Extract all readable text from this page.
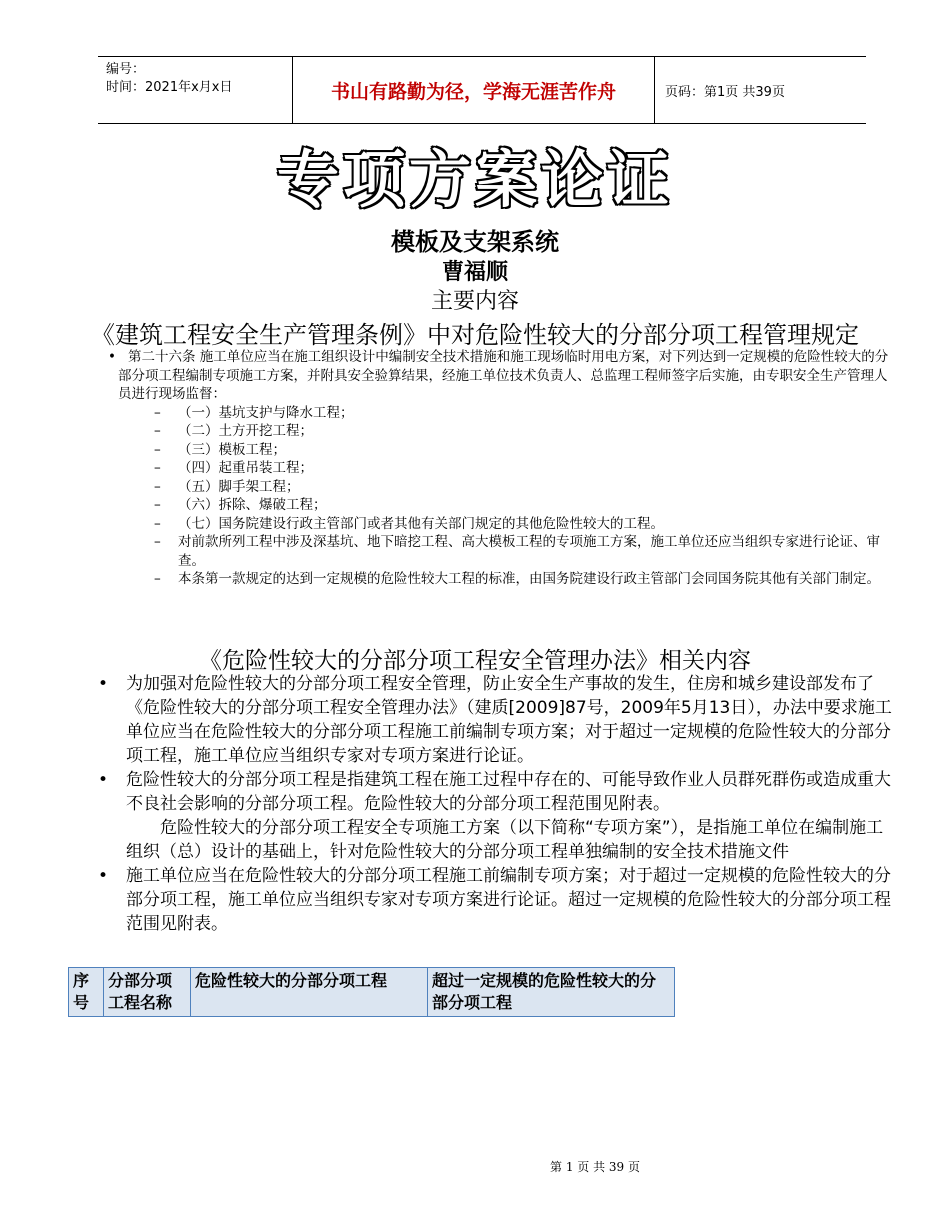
编号：
时间：2021年x月x日	书山有路勤为径，学海无涯苦作舟	页码：第1页 共39页
专项方案论证
模板及支架系统
曹福顺
主要内容
《建筑工程安全生产管理条例》中对危险性较大的分部分项工程管理规定

• 第二十六条 施工单位应当在施工组织设计中编制安全技术措施和施工现场临时用电方案，对下列达到一定规模的危险性较大的分部分项工程编制专项施工方案，并附具安全验算结果，经施工单位技术负责人、总监理工程师签字后实施，由专职安全生产管理人员进行现场监督：

– （一）基坑支护与降水工程；

– （二）土方开挖工程；

– （三）模板工程；

– （四）起重吊装工程；

– （五）脚手架工程；

– （六）拆除、爆破工程；

– （七）国务院建设行政主管部门或者其他有关部门规定的其他危险性较大的工程。

– 对前款所列工程中涉及深基坑、地下暗挖工程、高大模板工程的专项施工方案，施工单位还应当组织专家进行论证、审查。

– 本条第一款规定的达到一定规模的危险性较大工程的标准，由国务院建设行政主管部门会同国务院其他有关部门制定。

《危险性较大的分部分项工程安全管理办法》相关内容

• 为加强对危险性较大的分部分项工程安全管理，防止安全生产事故的发生，住房和城乡建设部发布了《危险性较大的分部分项工程安全管理办法》（建质[2009]87号，2009年5月13日），办法中要求施工单位应当在危险性较大的分部分项工程施工前编制专项方案；对于超过一定规模的危险性较大的分部分项工程，施工单位应当组织专家对专项方案进行论证。

• 危险性较大的分部分项工程是指建筑工程在施工过程中存在的、可能导致作业人员群死群伤或造成重大不良社会影响的分部分项工程。危险性较大的分部分项工程范围见附表。

危险性较大的分部分项工程安全专项施工方案（以下简称“专项方案”），是指施工单位在编制施工组织（总）设计的基础上，针对危险性较大的分部分项工程单独编制的安全技术措施文件

• 施工单位应当在危险性较大的分部分项工程施工前编制专项方案；对于超过一定规模的危险性较大的分部分项工程，施工单位应当组织专家对专项方案进行论证。超过一定规模的危险性较大的分部分项工程范围见附表。

序号	分部分项工程名称	危险性较大的分部分项工程	超过一定规模的危险性较大的分部分项工程
第 1 页 共 39 页
